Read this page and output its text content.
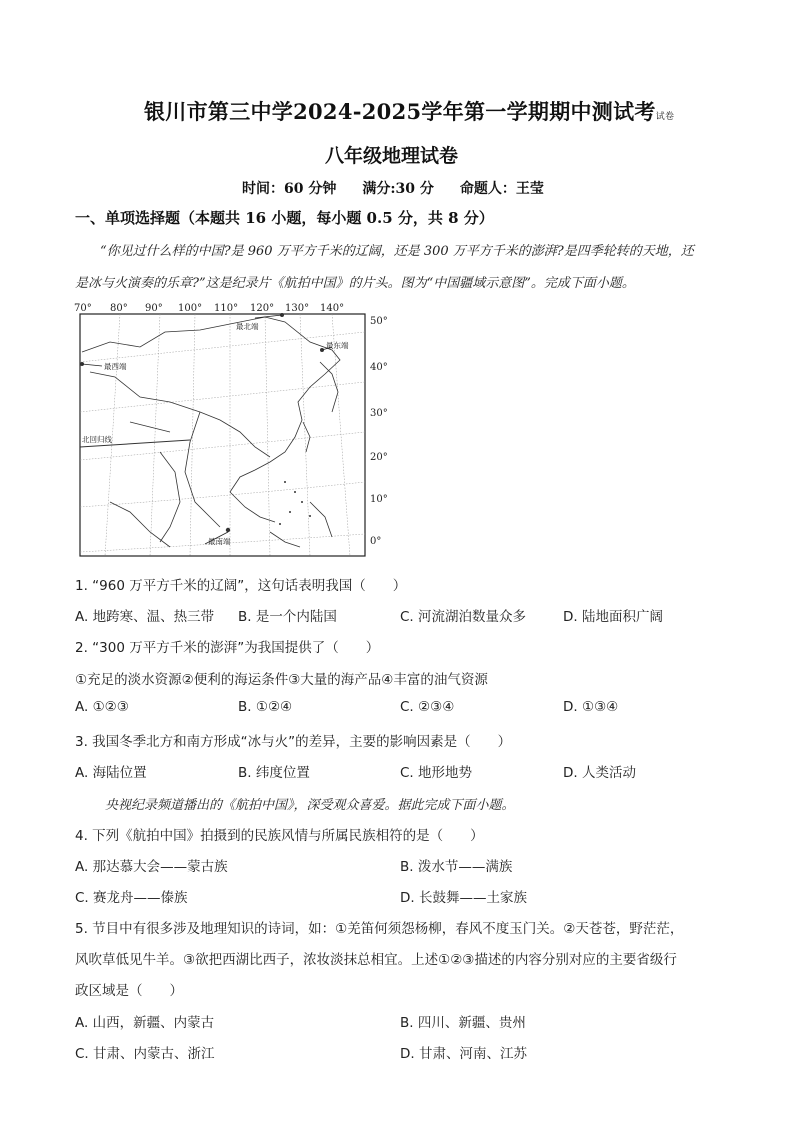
银川市第三中学2024-2025学年第一学期期中测试考试卷
八年级地理试卷
时间：60 分钟 满分:30 分 命题人：王莹
一、单项选择题（本题共 16 小题，每小题 0.5 分，共 8 分）
“你见过什么样的中国?是 960 万平方千米的辽阔，还是 300 万平方千米的澎湃?是四季轮转的天地，还
是冰与火演奏的乐章?”这是纪录片《航拍中国》的片头。图为“中国疆域示意图”。完成下面小题。
70° 80° 90° 100° 110° 120° 130° 140°
50°
40°
30°
20°
10°
0°
最北端
最东端
最西端
最南端
北回归线
1. “960 万平方千米的辽阔”，这句话表明我国（　　）
A. 地跨寒、温、热三带 B. 是一个内陆国	C. 河流湖泊数量众多	D. 陆地面积广阔
2. “300 万平方千米的澎湃”为我国提供了（　　）
①充足的淡水资源②便利的海运条件③大量的海产品④丰富的油气资源
A. ①②③	B. ①②④	C. ②③④	D. ①③④
3. 我国冬季北方和南方形成“冰与火”的差异，主要的影响因素是（　　）
A. 海陆位置	B. 纬度位置	C. 地形地势	D. 人类活动
央视纪录频道播出的《航拍中国》，深受观众喜爱。据此完成下面小题。
4. 下列《航拍中国》拍摄到的民族风情与所属民族相符的是（　　）
A. 那达慕大会——蒙古族	B. 泼水节——满族
C. 赛龙舟——傣族	D. 长鼓舞——土家族
5. 节目中有很多涉及地理知识的诗词，如：①羌笛何须怨杨柳，春风不度玉门关。②天苍苍，野茫茫，
风吹草低见牛羊。③欲把西湖比西子，浓妆淡抹总相宜。上述①②③描述的内容分别对应的主要省级行
政区域是（　　）
A. 山西，新疆、内蒙古	B. 四川、新疆、贵州
C. 甘肃、内蒙古、浙江	D. 甘肃、河南、江苏
